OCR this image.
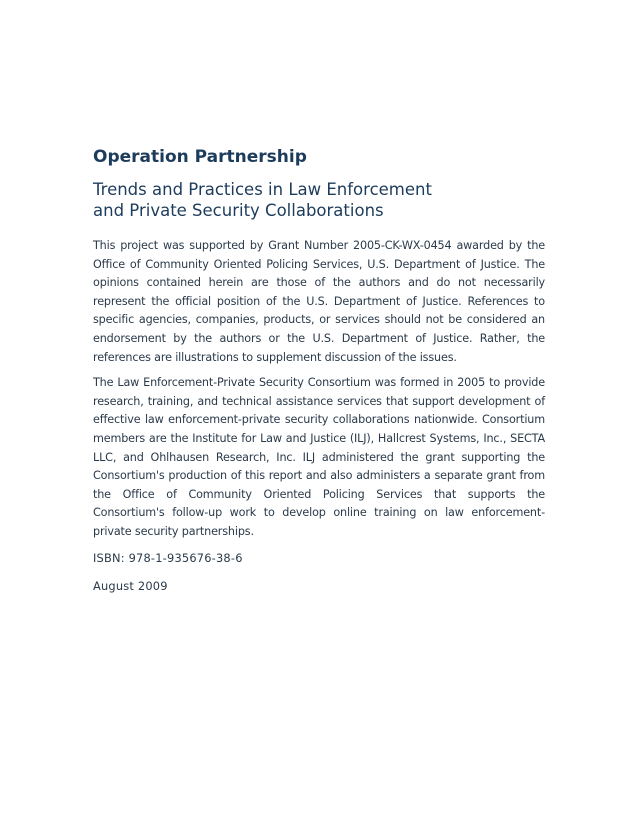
Operation Partnership
Trends and Practices in Law Enforcement
and Private Security Collaborations

This project was supported by Grant Number 2005-CK-WX-0454 awarded by the Office of Community Oriented Policing Services, U.S. Department of Justice. The opinions contained herein are those of the authors and do not necessarily represent the official position of the U.S. Department of Justice. References to specific agencies, companies, products, or services should not be considered an endorsement by the authors or the U.S. Department of Justice. Rather, the references are illustrations to supplement discussion of the issues.

The Law Enforcement-Private Security Consortium was formed in 2005 to provide research, training, and technical assistance services that support development of effective law enforcement-private security collaborations nationwide. Consortium members are the Institute for Law and Justice (ILJ), Hallcrest Systems, Inc., SECTA LLC, and Ohlhausen Research, Inc. ILJ administered the grant supporting the Consortium's production of this report and also administers a separate grant from the Office of Community Oriented Policing Services that supports the Consortium's follow-up work to develop online training on law enforcement-private security partnerships.

ISBN: 978-1-935676-38-6

August 2009
